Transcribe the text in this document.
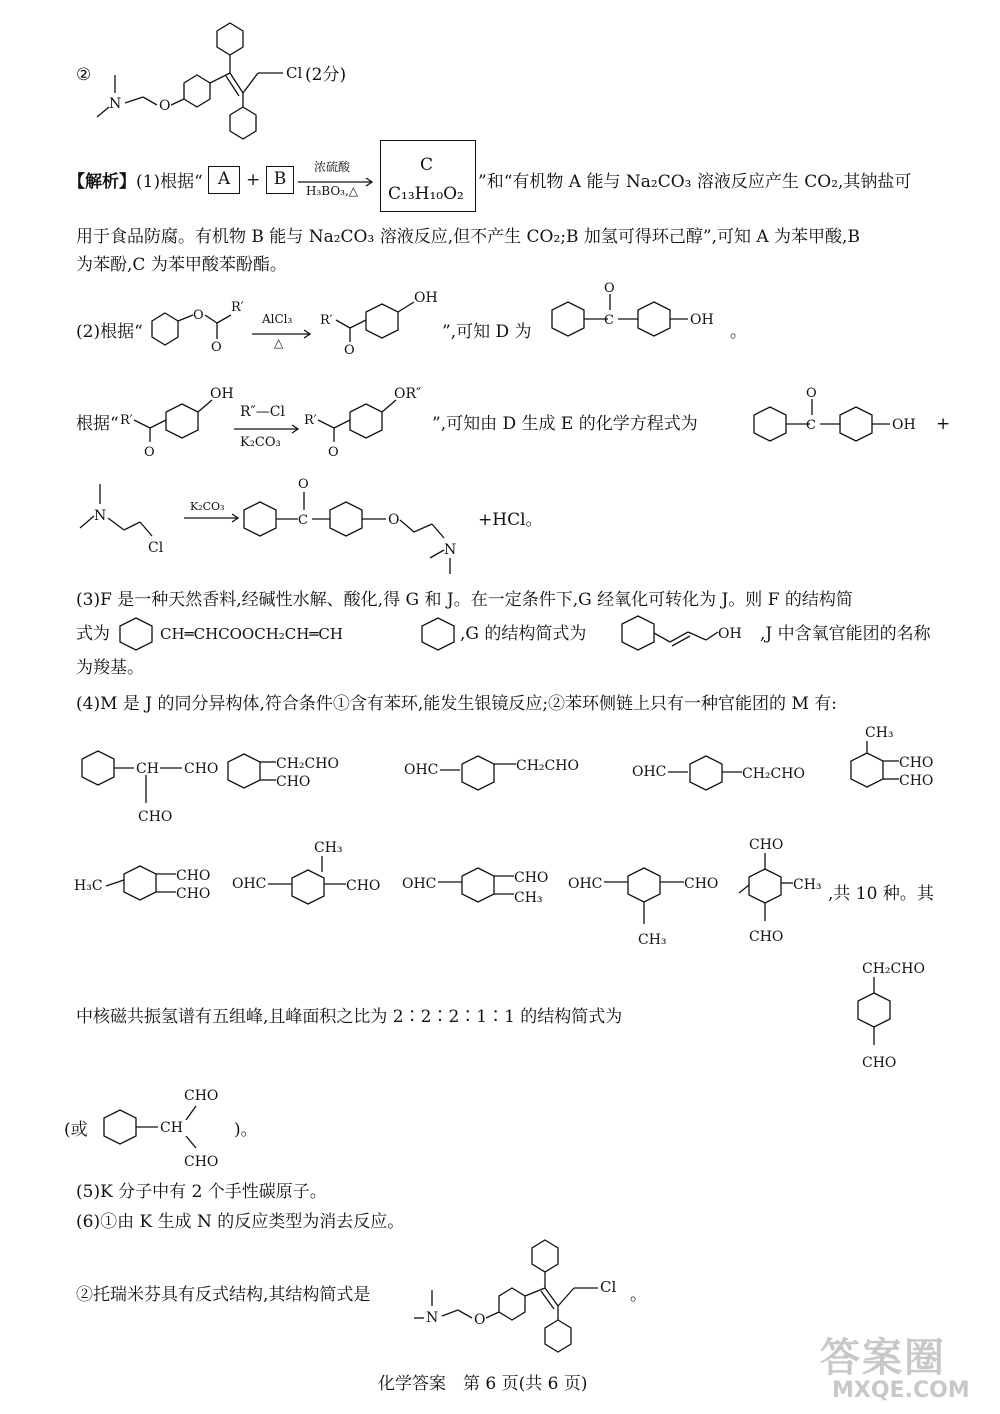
②	Cl
O
N
(2分)
【解析】(1)根据“ A + B
浓硫酸
H₃BO₃,△
C
C₁₃H₁₀O₂
”和“有机物 A 能与 Na₂CO₃ 溶液反应产生 CO₂,其钠盐可
用于食品防腐。有机物 B 能与 Na₂CO₃ 溶液反应,但不产生 CO₂;B 加氢可得环己醇”,可知 A 为苯甲酸,B
为苯酚,C 为苯甲酸苯酚酯。
(2)根据“
O
O
R′
AlCl₃
△
R′
O
OH
”,可知 D 为
C
O
OH
。
根据“ R′
O
OH
R″—Cl
K₂CO₃
R′
O
OR″
”,可知由 D 生成 E 的化学方程式为	C
O
OH +
N
Cl
K₂CO₃
C
O
O
N
+HCl。
(3)F 是一种天然香料,经碱性水解、酸化,得 G 和 J。在一定条件下,G 经氧化可转化为 J。则 F 的结构简
式为	CH═CHCOOCH₂CH═CH	,G 的结构简式为	OH ,J 中含氧官能团的名称
为羧基。
(4)M 是 J 的同分异构体,符合条件①含有苯环,能发生银镜反应;②苯环侧链上只有一种官能团的 M 有:
CH CHO
CHO
CH₂CHO
CHO
OHC	CH₂CHO	OHC	CH₂CHO
CH₃
CHO
CHO
H₃C
CHO
CHO
CH₃
OHC	CHO OHC	CHO
CH₃
OHC	CHO
CH₃
CHO
CH₃
CHO
,共 10 种。其
中核磁共振氢谱有五组峰,且峰面积之比为 2∶2∶2∶1∶1 的结构简式为
CH₂CHO
CHO
(或	CH
CHO
CHO
)。
(5)K 分子中有 2 个手性碳原子。
(6)①由 K 生成 N 的反应类型为消去反应。
②托瑞米芬具有反式结构,其结构简式是	Cl
O
N
。
化学答案　第 6 页(共 6 页)
答案圈
MXQE.COM
